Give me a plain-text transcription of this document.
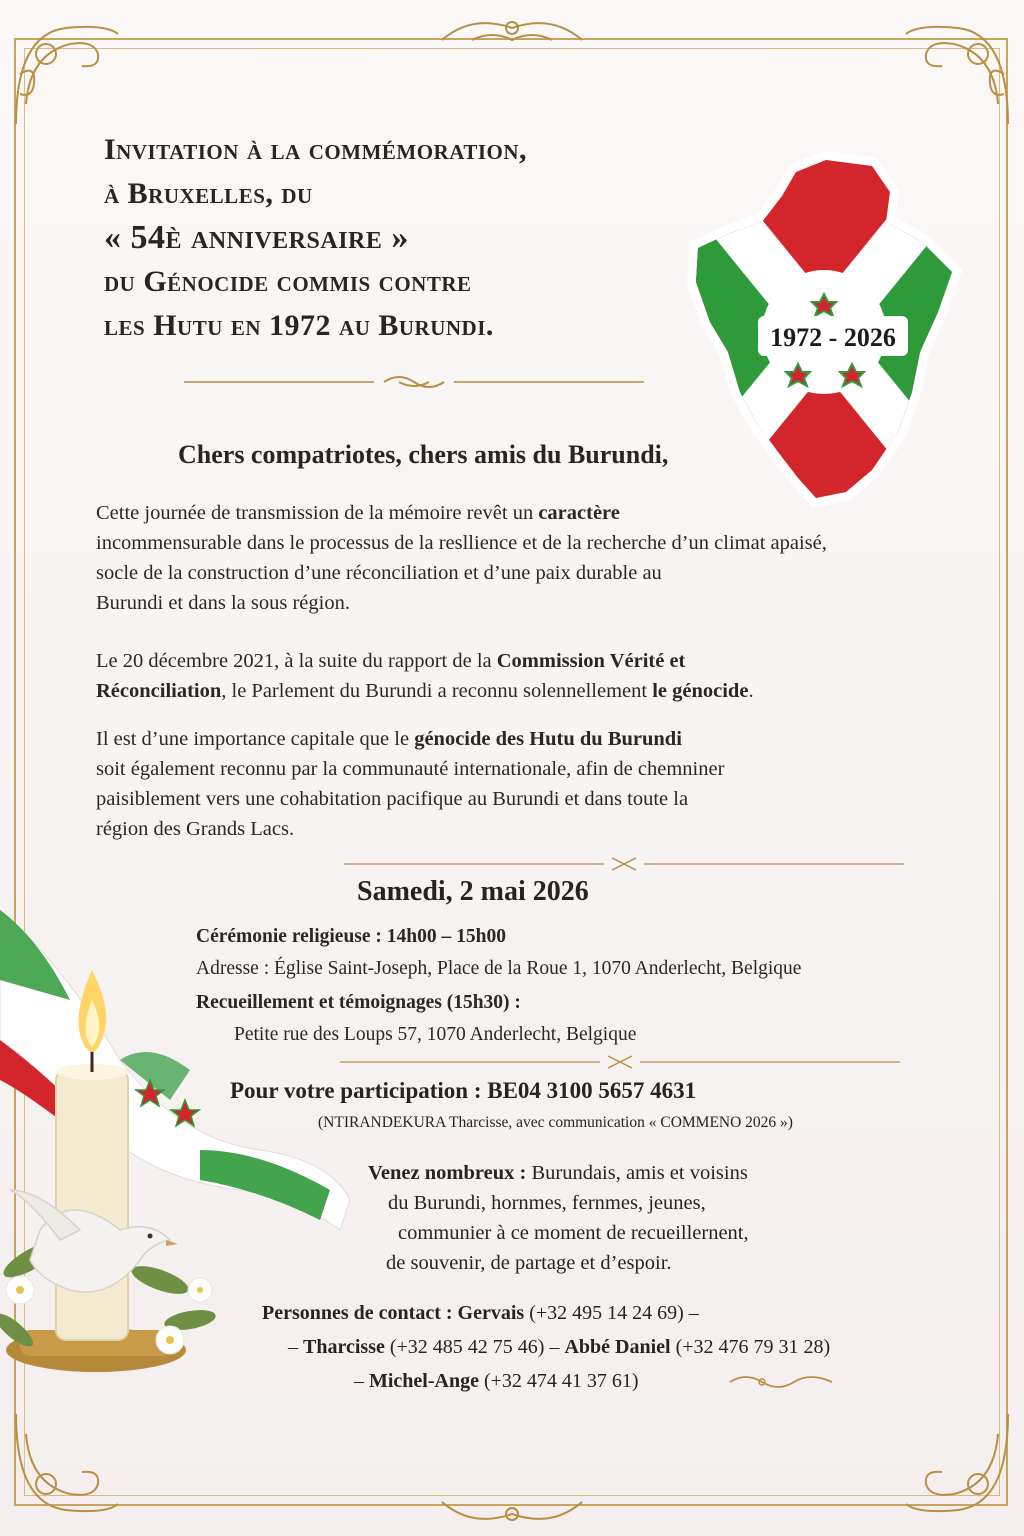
Invitation à la commémoration,
à Bruxelles, du
« 54è anniversaire »
du Génocide commis contre
les Hutu en 1972 au Burundi.	1972 - 2026
Chers compatriotes, chers amis du Burundi,
Cette journée de transmission de la mémoire revêt un caractère
incommensurable dans le processus de la resllience et de la recherche d’un climat apaisé,
socle de la construction d’une réconciliation et d’une paix durable au
Burundi et dans la sous région.
Le 20 décembre 2021, à la suite du rapport de la Commission Vérité et
Réconciliation, le Parlement du Burundi a reconnu solennellement le génocide.
Il est d’une importance capitale que le génocide des Hutu du Burundi
soit également reconnu par la communauté internationale, afin de chemniner
paisiblement vers une cohabitation pacifique au Burundi et dans toute la
région des Grands Lacs.
Samedi, 2 mai 2026
Cérémonie religieuse : 14h00 – 15h00
Adresse : Église Saint-Joseph, Place de la Roue 1, 1070 Anderlecht, Belgique
Recueillement et témoignages (15h30) :
Petite rue des Loups 57, 1070 Anderlecht, Belgique
Pour votre participation : BE04 3100 5657 4631
(NTIRANDEKURA Tharcisse, avec communication « COMMENO 2026 »)
Venez nombreux : Burundais, amis et voisins
du Burundi, hornmes, fernmes, jeunes,
communier à ce moment de recueillernent,
de souvenir, de partage et d’espoir.
Personnes de contact : Gervais (+32 495 14 24 69) –
– Tharcisse (+32 485 42 75 46) – Abbé Daniel (+32 476 79 31 28)
– Michel-Ange (+32 474 41 37 61)
